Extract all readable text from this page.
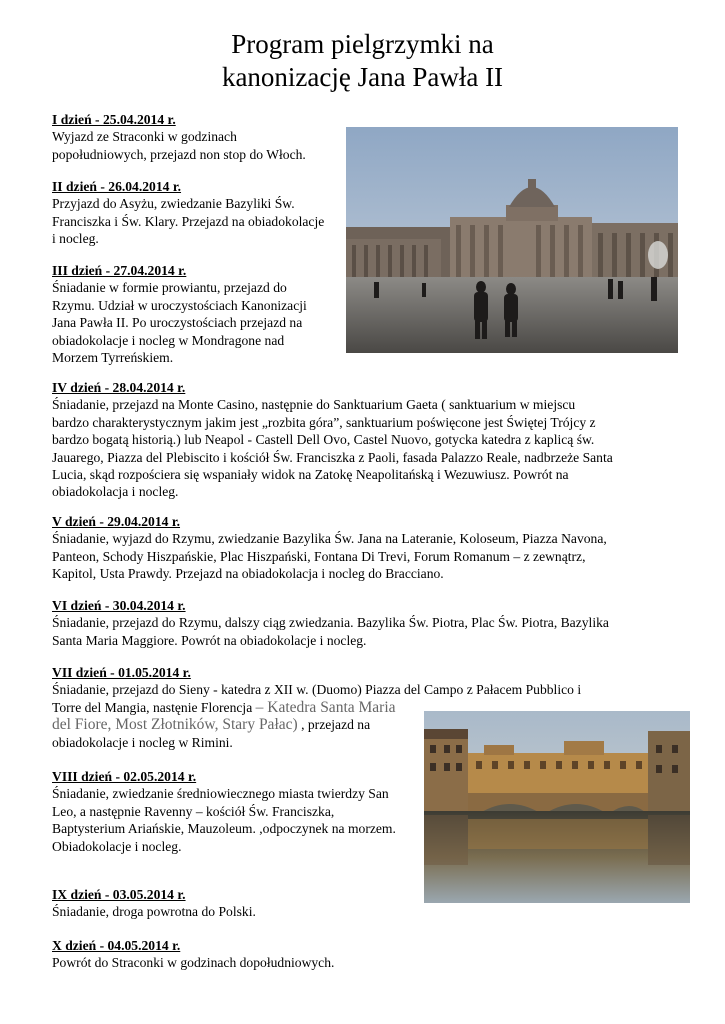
Program pielgrzymki na
kanonizację Jana Pawła II
I dzień - 25.04.2014 r.
Wyjazd ze Straconki w godzinach
popołudniowych, przejazd non stop do Włoch.
II dzień - 26.04.2014 r.
Przyjazd do Asyżu, zwiedzanie Bazyliki Św.
Franciszka i Św. Klary. Przejazd na obiadokolacje
i nocleg.
III dzień - 27.04.2014 r.
Śniadanie w formie prowiantu, przejazd do
Rzymu. Udział w uroczystościach Kanonizacji
Jana Pawła II. Po uroczystościach przejazd na
obiadokolacje i nocleg w Mondragone nad
Morzem Tyrreńskiem.
IV dzień - 28.04.2014 r.
Śniadanie, przejazd na Monte Casino, następnie do Sanktuarium Gaeta ( sanktuarium w miejscu
bardzo charakterystycznym jakim jest „rozbita góra”, sanktuarium poświęcone jest Świętej Trójcy z
bardzo bogatą historią.) lub Neapol - Castell Dell Ovo, Castel Nuovo, gotycka katedra z kaplicą św.
Jauarego, Piazza del Plebiscito i kościół Św. Franciszka z Paoli, fasada Palazzo Reale, nadbrzeże Santa
Lucia, skąd rozpościera się wspaniały widok na Zatokę Neapolitańską i Wezuwiusz. Powrót na
obiadokolacja i nocleg.
V dzień - 29.04.2014 r.
Śniadanie, wyjazd do Rzymu, zwiedzanie Bazylika Św. Jana na Lateranie, Koloseum, Piazza Navona,
Panteon, Schody Hiszpańskie, Plac Hiszpański, Fontana Di Trevi, Forum Romanum – z zewnątrz,
Kapitol, Usta Prawdy. Przejazd na obiadokolacja i nocleg do Bracciano.
VI dzień - 30.04.2014 r.
Śniadanie, przejazd do Rzymu, dalszy ciąg zwiedzania. Bazylika Św. Piotra, Plac Św. Piotra, Bazylika
Santa Maria Maggiore. Powrót na obiadokolacje i nocleg.
VII dzień - 01.05.2014 r.
Śniadanie, przejazd do Sieny - katedra z XII w. (Duomo) Piazza del Campo z Pałacem Pubblico i
Torre del Mangia, nastęnie Florencja – Katedra Santa Maria
del Fiore, Most Złotników, Stary Pałac) , przejazd na
obiadokolacje i nocleg w Rimini.
VIII dzień - 02.05.2014 r.
Śniadanie, zwiedzanie średniowiecznego miasta twierdzy San
Leo, a następnie Ravenny – kościół Św. Franciszka,
Baptysterium Ariańskie, Mauzoleum. ,odpoczynek na morzem.
Obiadokolacje i nocleg.
IX dzień - 03.05.2014 r.
Śniadanie, droga powrotna do Polski.
X dzień - 04.05.2014 r.
Powrót do Straconki w godzinach dopołudniowych.
